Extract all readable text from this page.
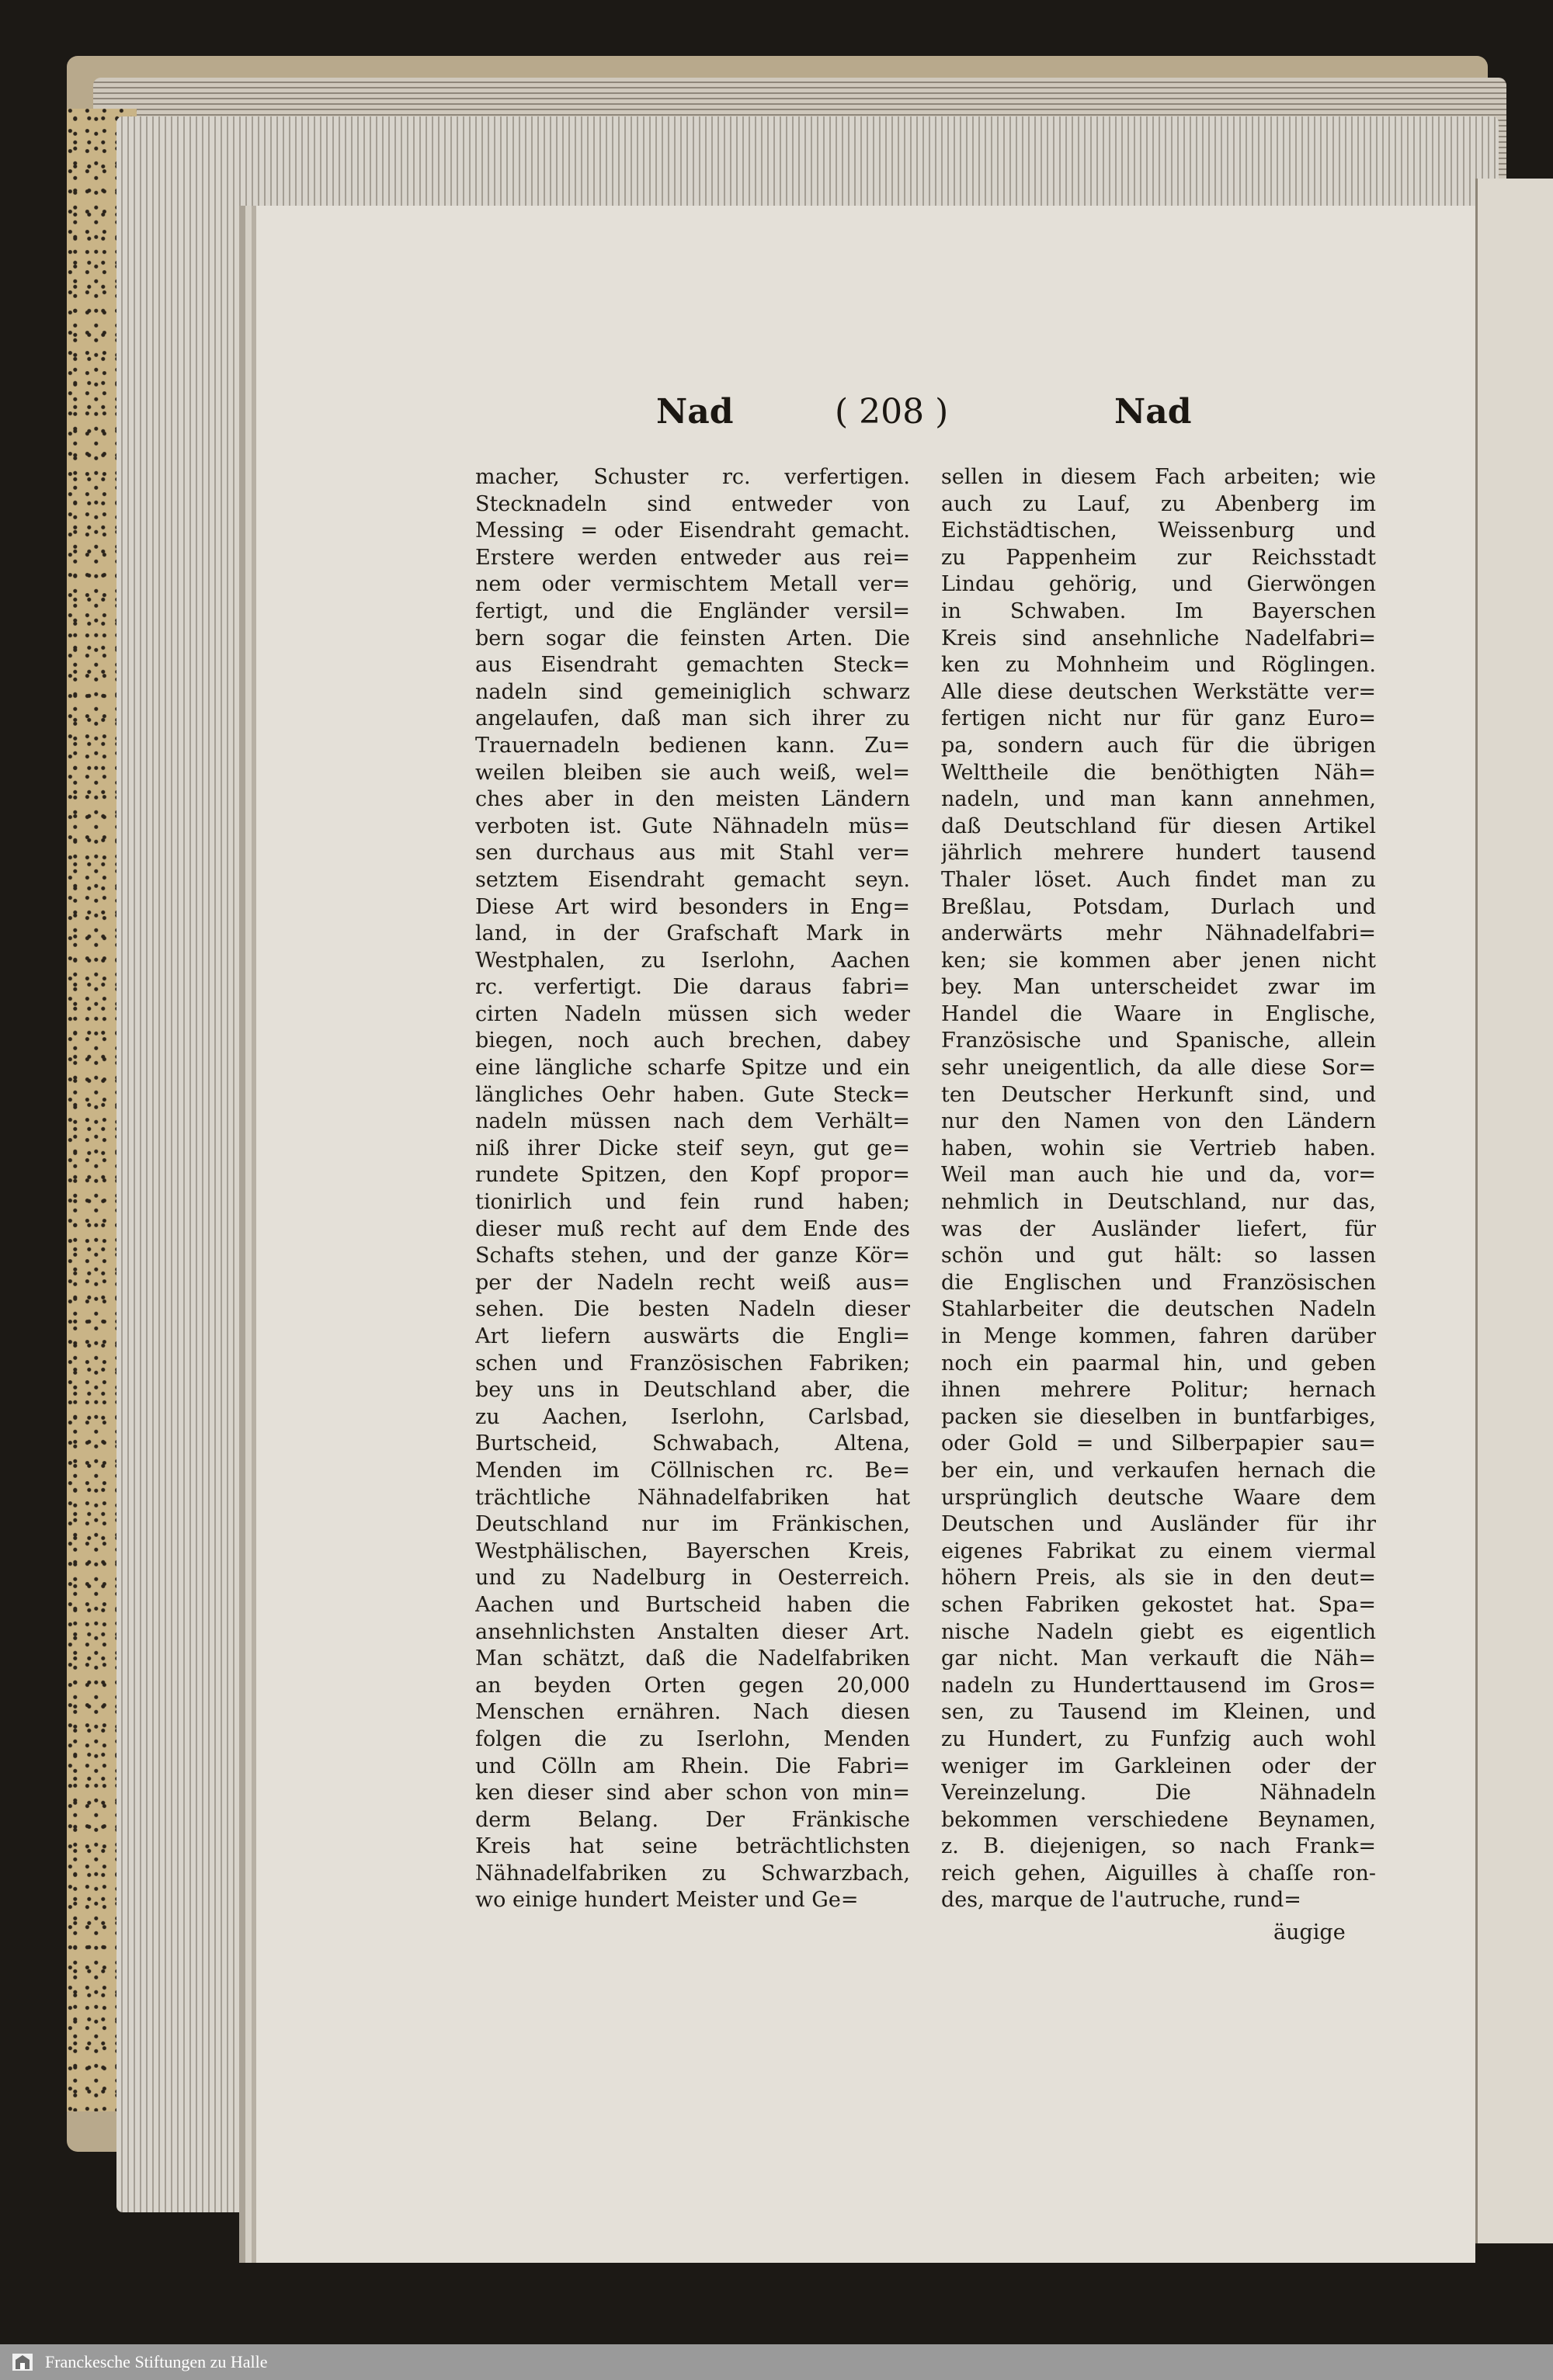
Nad	( 208 )	Nad
macher, Schuster rc. verfertigen.
Stecknadeln sind entweder von
Messing = oder Eisendraht gemacht.
Erstere werden entweder aus rei=
nem oder vermischtem Metall ver=
fertigt, und die Engländer versil=
bern sogar die feinsten Arten. Die
aus Eisendraht gemachten Steck=
nadeln sind gemeiniglich schwarz
angelaufen, daß man sich ihrer zu
Trauernadeln bedienen kann. Zu=
weilen bleiben sie auch weiß, wel=
ches aber in den meisten Ländern
verboten ist. Gute Nähnadeln müs=
sen durchaus aus mit Stahl ver=
setztem Eisendraht gemacht seyn.
Diese Art wird besonders in Eng=
land, in der Grafschaft Mark in
Westphalen, zu Iserlohn, Aachen
rc. verfertigt. Die daraus fabri=
cirten Nadeln müssen sich weder
biegen, noch auch brechen, dabey
eine längliche scharfe Spitze und ein
längliches Oehr haben. Gute Steck=
nadeln müssen nach dem Verhält=
niß ihrer Dicke steif seyn, gut ge=
rundete Spitzen, den Kopf propor=
tionirlich und fein rund haben;
dieser muß recht auf dem Ende des
Schafts stehen, und der ganze Kör=
per der Nadeln recht weiß aus=
sehen. Die besten Nadeln dieser
Art liefern auswärts die Engli=
schen und Französischen Fabriken;
bey uns in Deutschland aber, die
zu Aachen, Iserlohn, Carlsbad,
Burtscheid, Schwabach, Altena,
Menden im Cöllnischen rc. Be=
trächtliche Nähnadelfabriken hat
Deutschland nur im Fränkischen,
Westphälischen, Bayerschen Kreis,
und zu Nadelburg in Oesterreich.
Aachen und Burtscheid haben die
ansehnlichsten Anstalten dieser Art.
Man schätzt, daß die Nadelfabriken
an beyden Orten gegen 20,000
Menschen ernähren. Nach diesen
folgen die zu Iserlohn, Menden
und Cölln am Rhein. Die Fabri=
ken dieser sind aber schon von min=
derm Belang. Der Fränkische
Kreis hat seine beträchtlichsten
Nähnadelfabriken zu Schwarzbach,
wo einige hundert Meister und Ge=
sellen in diesem Fach arbeiten; wie
auch zu Lauf, zu Abenberg im
Eichstädtischen, Weissenburg und
zu Pappenheim zur Reichsstadt
Lindau gehörig, und Gierwöngen
in Schwaben. Im Bayerschen
Kreis sind ansehnliche Nadelfabri=
ken zu Mohnheim und Röglingen.
Alle diese deutschen Werkstätte ver=
fertigen nicht nur für ganz Euro=
pa, sondern auch für die übrigen
Welttheile die benöthigten Näh=
nadeln, und man kann annehmen,
daß Deutschland für diesen Artikel
jährlich mehrere hundert tausend
Thaler löset. Auch findet man zu
Breßlau, Potsdam, Durlach und
anderwärts mehr Nähnadelfabri=
ken; sie kommen aber jenen nicht
bey. Man unterscheidet zwar im
Handel die Waare in Englische,
Französische und Spanische, allein
sehr uneigentlich, da alle diese Sor=
ten Deutscher Herkunft sind, und
nur den Namen von den Ländern
haben, wohin sie Vertrieb haben.
Weil man auch hie und da, vor=
nehmlich in Deutschland, nur das,
was der Ausländer liefert, für
schön und gut hält: so lassen
die Englischen und Französischen
Stahlarbeiter die deutschen Nadeln
in Menge kommen, fahren darüber
noch ein paarmal hin, und geben
ihnen mehrere Politur; hernach
packen sie dieselben in buntfarbiges,
oder Gold = und Silberpapier sau=
ber ein, und verkaufen hernach die
ursprünglich deutsche Waare dem
Deutschen und Ausländer für ihr
eigenes Fabrikat zu einem viermal
höhern Preis, als sie in den deut=
schen Fabriken gekostet hat. Spa=
nische Nadeln giebt es eigentlich
gar nicht. Man verkauft die Näh=
nadeln zu Hunderttausend im Gros=
sen, zu Tausend im Kleinen, und
zu Hundert, zu Funfzig auch wohl
weniger im Garkleinen oder der
Vereinzelung. Die Nähnadeln
bekommen verschiedene Beynamen,
z. B. diejenigen, so nach Frank=
reich gehen, Aiguilles à chaſſe ron-
des, marque de l'autruche, rund=
äugige
Franckesche Stiftungen zu Halle
